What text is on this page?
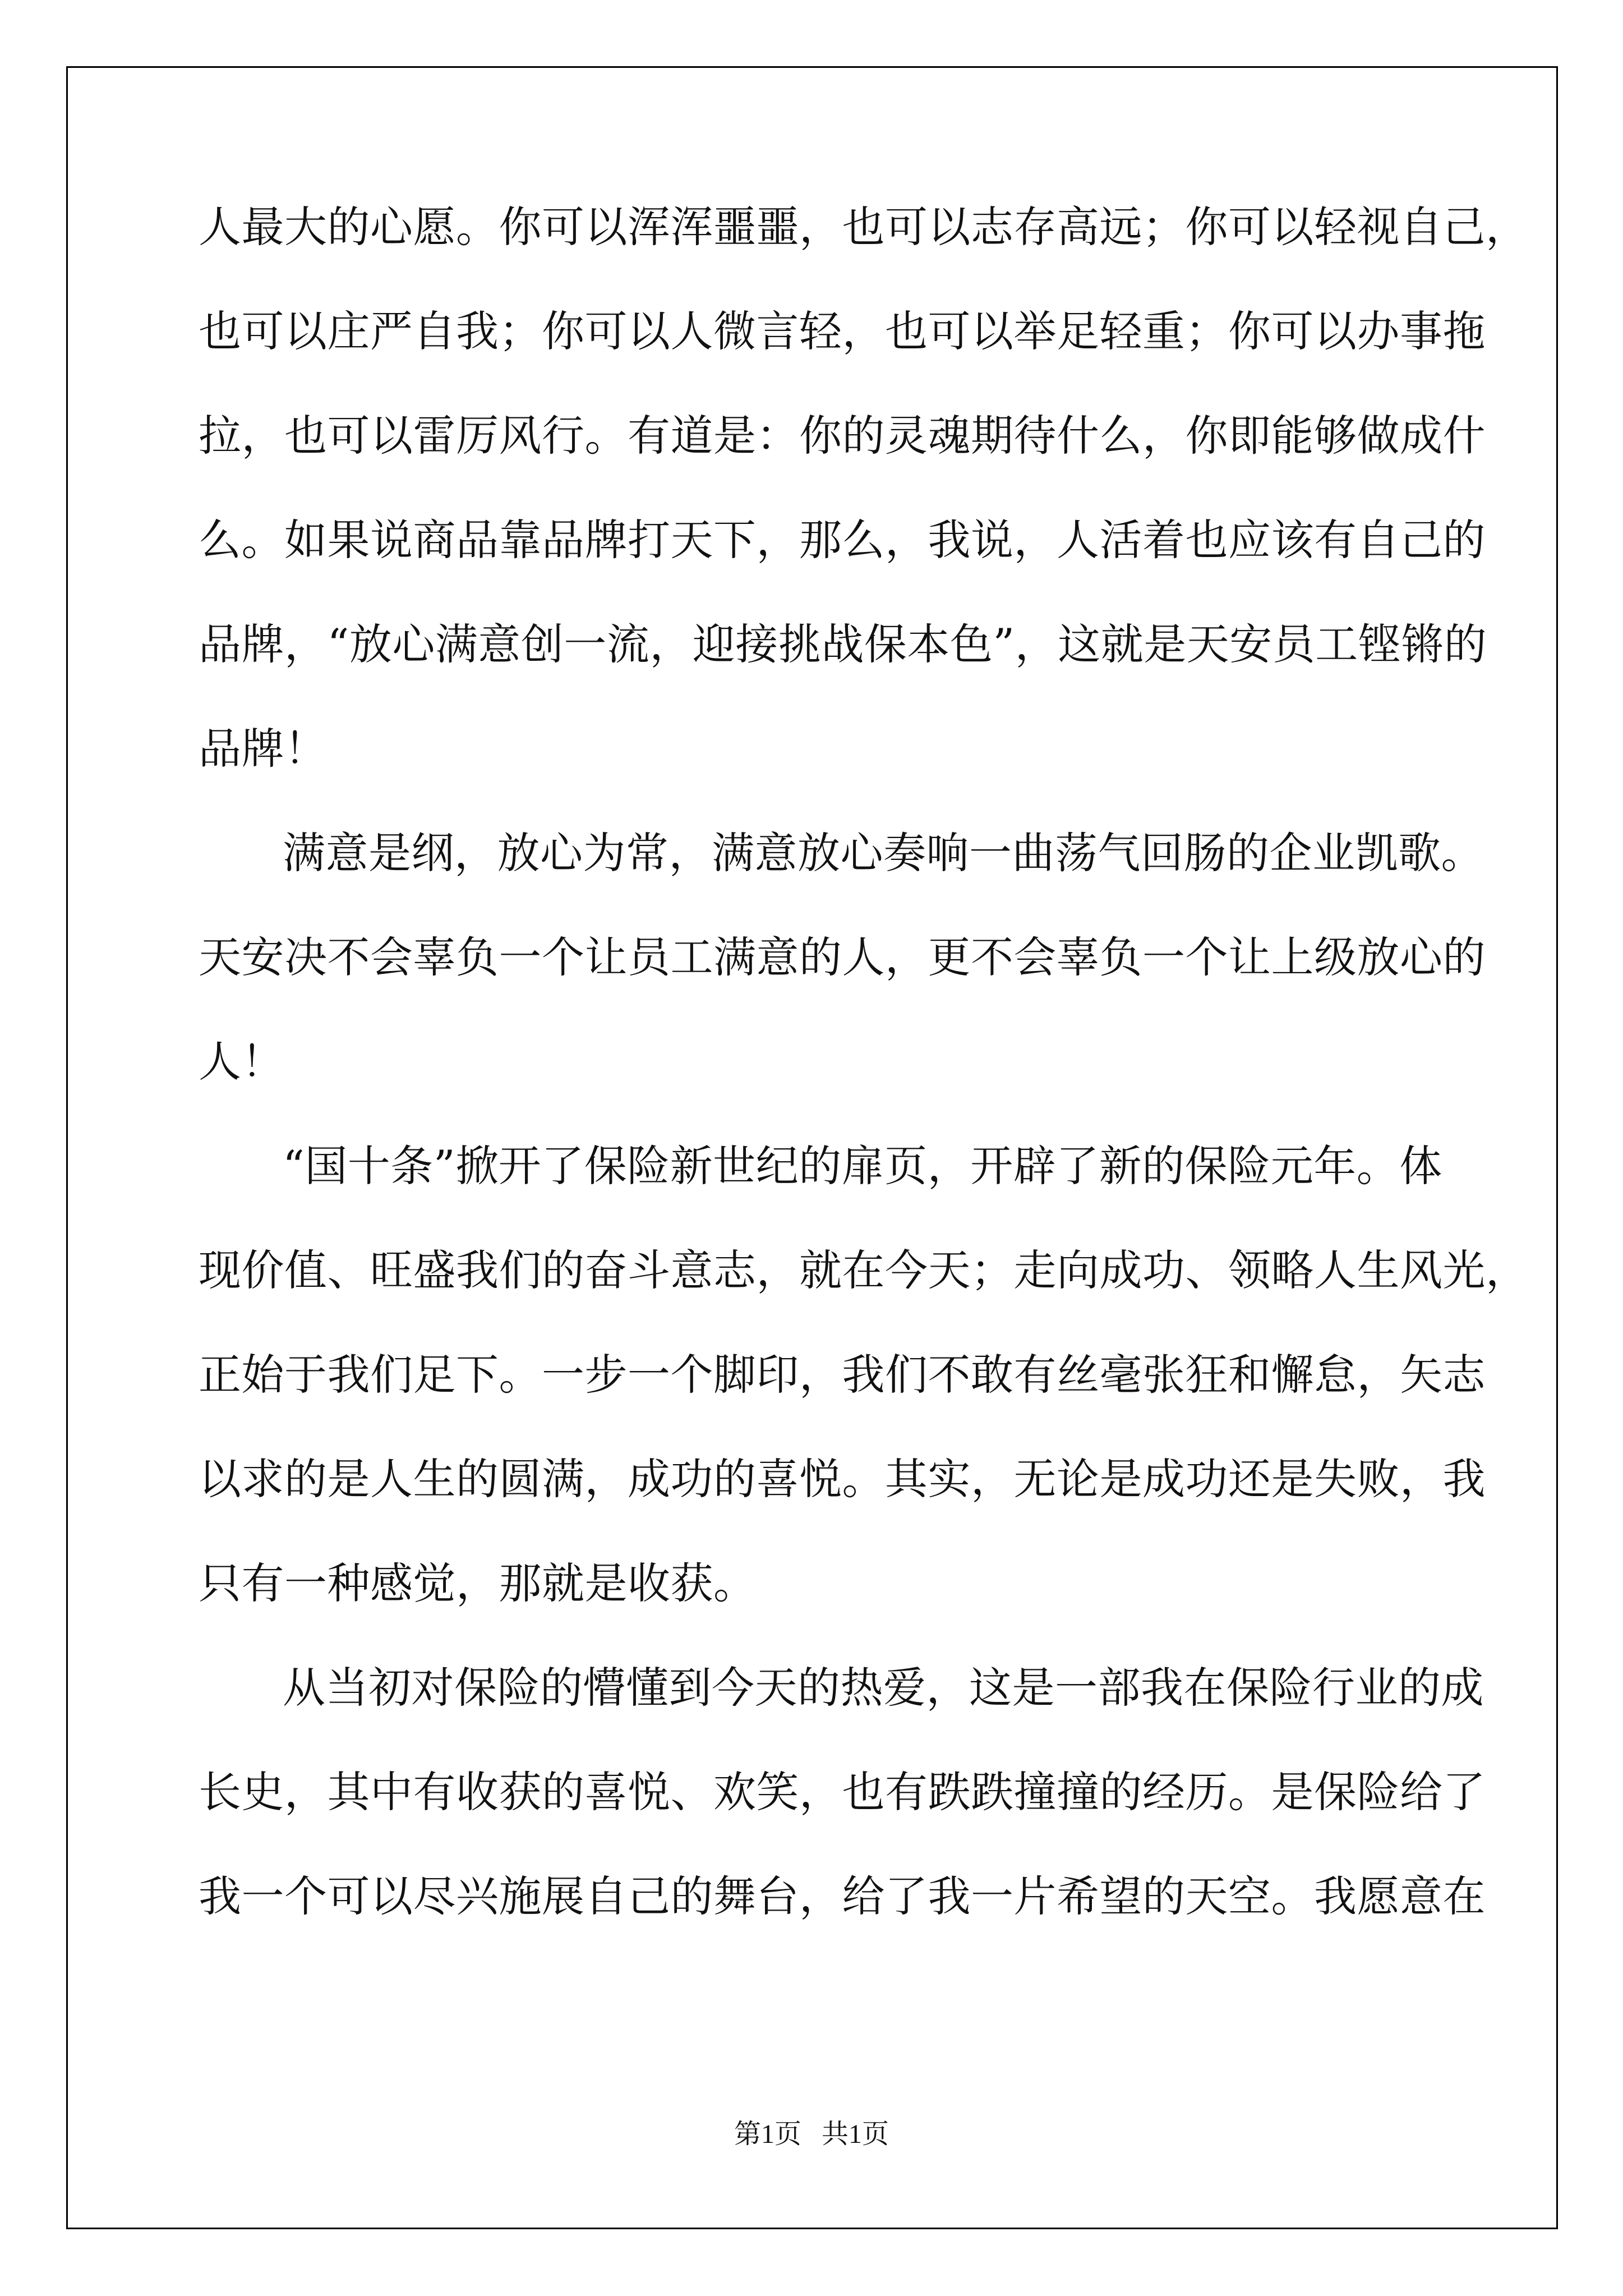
人最大的心愿。你可以浑浑噩噩，也可以志存高远；你可以轻视自己，
也可以庄严自我；你可以人微言轻，也可以举足轻重；你可以办事拖
拉，也可以雷厉风行。有道是：你的灵魂期待什么，你即能够做成什
么。如果说商品靠品牌打天下，那么，我说，人活着也应该有自己的
品牌，“放心满意创一流，迎接挑战保本色”，这就是天安员工铿锵的
品牌！
满意是纲，放心为常，满意放心奏响一曲荡气回肠的企业凯歌。
天安决不会辜负一个让员工满意的人，更不会辜负一个让上级放心的
人！
“国十条”掀开了保险新世纪的扉页，开辟了新的保险元年。体
现价值、旺盛我们的奋斗意志，就在今天；走向成功、领略人生风光，
正始于我们足下。一步一个脚印，我们不敢有丝毫张狂和懈怠，矢志
以求的是人生的圆满，成功的喜悦。其实，无论是成功还是失败，我
只有一种感觉，那就是收获。
从当初对保险的懵懂到今天的热爱，这是一部我在保险行业的成
长史，其中有收获的喜悦、欢笑，也有跌跌撞撞的经历。是保险给了
我一个可以尽兴施展自己的舞台，给了我一片希望的天空。我愿意在
第1页   共1页
